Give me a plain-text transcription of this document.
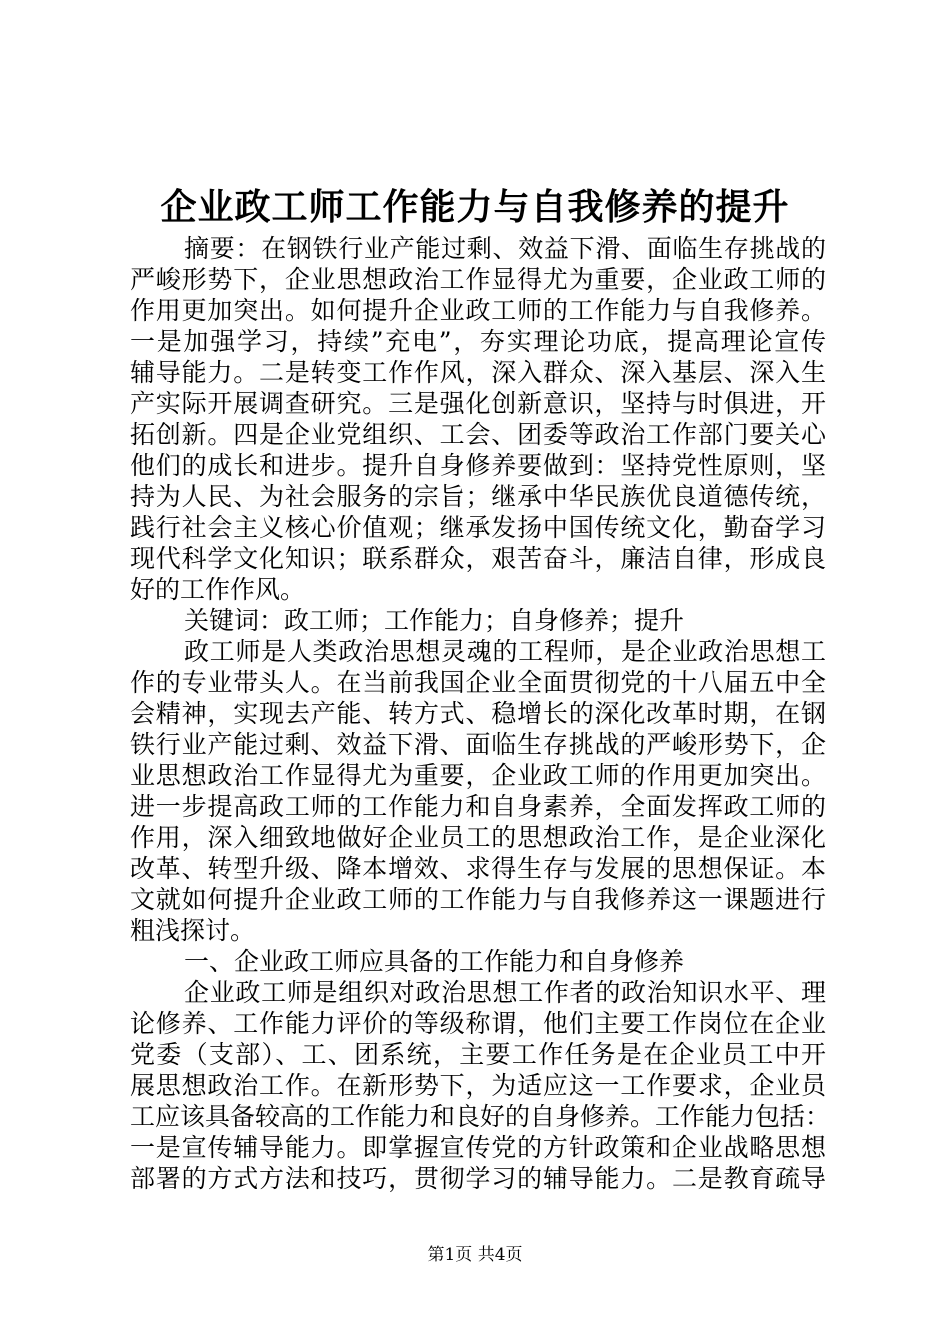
企业政工师工作能力与自我修养的提升
摘要：在钢铁行业产能过剩、效益下滑、面临生存挑战的
严峻形势下，企业思想政治工作显得尤为重要，企业政工师的
作用更加突出。如何提升企业政工师的工作能力与自我修养。
一是加强学习，持续”充电”，夯实理论功底，提高理论宣传
辅导能力。二是转变工作作风，深入群众、深入基层、深入生
产实际开展调查研究。三是强化创新意识，坚持与时俱进，开
拓创新。四是企业党组织、工会、团委等政治工作部门要关心
他们的成长和进步。提升自身修养要做到：坚持党性原则，坚
持为人民、为社会服务的宗旨；继承中华民族优良道德传统，
践行社会主义核心价值观；继承发扬中国传统文化，勤奋学习
现代科学文化知识；联系群众，艰苦奋斗，廉洁自律，形成良
好的工作作风。
关键词：政工师；工作能力；自身修养；提升
政工师是人类政治思想灵魂的工程师，是企业政治思想工
作的专业带头人。在当前我国企业全面贯彻党的十八届五中全
会精神，实现去产能、转方式、稳增长的深化改革时期，在钢
铁行业产能过剩、效益下滑、面临生存挑战的严峻形势下，企
业思想政治工作显得尤为重要，企业政工师的作用更加突出。
进一步提高政工师的工作能力和自身素养，全面发挥政工师的
作用，深入细致地做好企业员工的思想政治工作，是企业深化
改革、转型升级、降本增效、求得生存与发展的思想保证。本
文就如何提升企业政工师的工作能力与自我修养这一课题进行
粗浅探讨。
一、企业政工师应具备的工作能力和自身修养
企业政工师是组织对政治思想工作者的政治知识水平、理
论修养、工作能力评价的等级称谓，他们主要工作岗位在企业
党委（支部）、工、团系统，主要工作任务是在企业员工中开
展思想政治工作。在新形势下，为适应这一工作要求，企业员
工应该具备较高的工作能力和良好的自身修养。工作能力包括：
一是宣传辅导能力。即掌握宣传党的方针政策和企业战略思想
部署的方式方法和技巧，贯彻学习的辅导能力。二是教育疏导
第1页 共4页
